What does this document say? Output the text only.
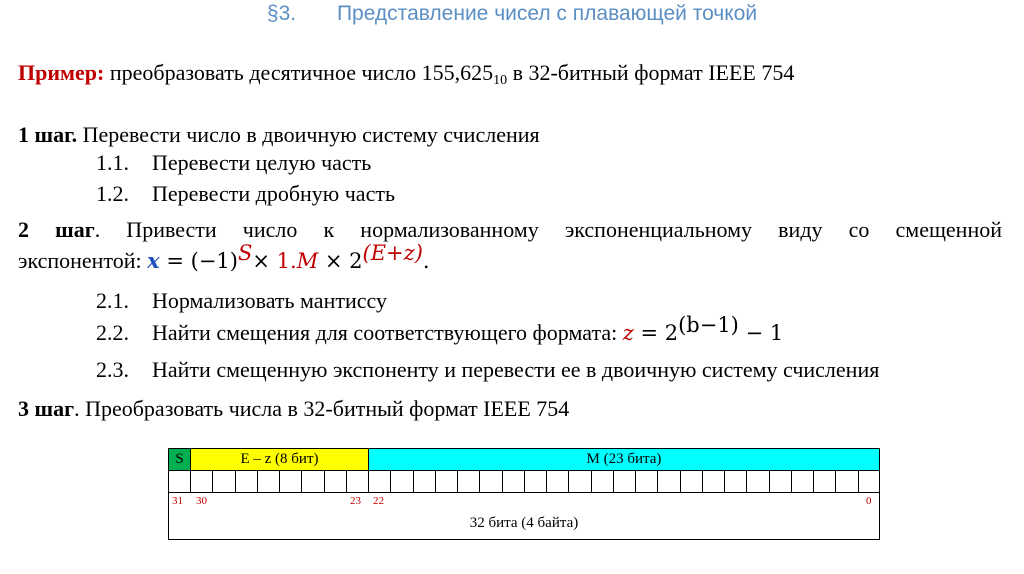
§3. Представление чисел с плавающей точкой
Пример: преобразовать десятичное число $155,625_{10}$ в 32-битный формат IEEE 754
1 шаг. Перевести число в двоичную систему счисления
1.1. Перевести целую часть
1.2. Перевести дробную часть
2 шаг. Привести число к нормализованному экспоненциальному виду со смещенной
экспонентой: $x = (-1)^S\times 1.M \times 2^{(E+z)}$.
2.1. Нормализовать мантиссу
2.2. Найти смещения для соответствующего формата: $z = 2^{(b-1)} - 1$
2.3. Найти смещенную экспоненту и перевести ее в двоичную систему счисления
3 шаг. Преобразовать числа в 32-битный формат IEEE 754
S	E – z (8 бит)	M (23 бита)
31 30	23 22	0
32 бита (4 байта)
